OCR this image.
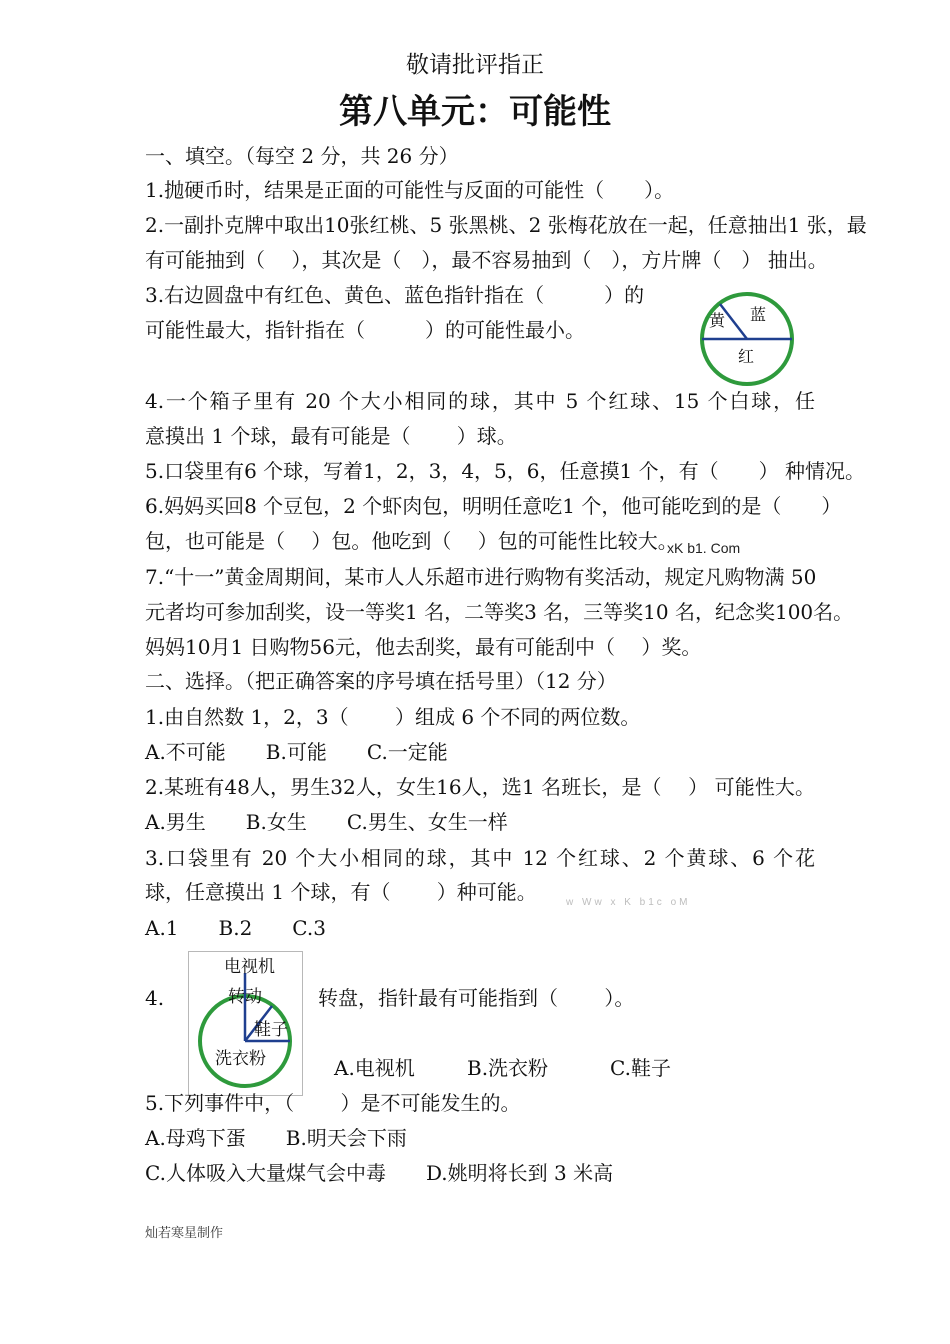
敬请批评指正
第八单元：可能性
一、填空。（每空 2 分，共 26 分）
1.抛硬币时，结果是正面的可能性与反面的可能性（　　）。
2.一副扑克牌中取出10张红桃、5 张黑桃、2 张梅花放在一起，任意抽出1 张，最
有可能抽到（　 ），其次是（　），最不容易抽到（　），方片牌（　） 抽出。
3.右边圆盘中有红色、黄色、蓝色指针指在（　　　）的
可能性最大，指针指在（　　　）的可能性最小。	黄 蓝
红
4.一个箱子里有 20 个大小相同的球，其中 5 个红球、15 个白球，任
意摸出 1 个球，最有可能是（　　 ）球。
5.口袋里有6 个球，写着1，2，3，4，5，6，任意摸1 个，有（　　） 种情况。
6.妈妈买回8 个豆包，2 个虾肉包，明明任意吃1 个，他可能吃到的是（　　）
包，也可能是（　 ）包。他吃到（　 ）包的可能性比较大。
xK b1. Com
7.“十一”黄金周期间，某市人人乐超市进行购物有奖活动，规定凡购物满 50
元者均可参加刮奖，设一等奖1 名，二等奖3 名，三等奖10 名，纪念奖100名。
妈妈10月1 日购物56元，他去刮奖，最有可能刮中（　 ）奖。
二、选择。（把正确答案的序号填在括号里）（12 分）
1.由自然数 1，2，3（　　 ）组成 6 个不同的两位数。
A.不可能　　B.可能　　C.一定能
2.某班有48人，男生32人，女生16人，选1 名班长，是（　 ） 可能性大。
A.男生　　B.女生　　C.男生、女生一样
3.口袋里有 20 个大小相同的球，其中 12 个红球、2 个黄球、6 个花
球，任意摸出 1 个球，有（　　 ）种可能。	w Ww x K b1c oM
A.1　　B.2　　C.3
4.	转盘，指针最有可能指到（　　 ）。
电视机
转动
鞋子
洗衣粉	A.电视机	B.洗衣粉	C.鞋子
5.下列事件中，（　　 ）是不可能发生的。
A.母鸡下蛋　　B.明天会下雨
C.人体吸入大量煤气会中毒　　D.姚明将长到 3 米高
灿若寒星制作
